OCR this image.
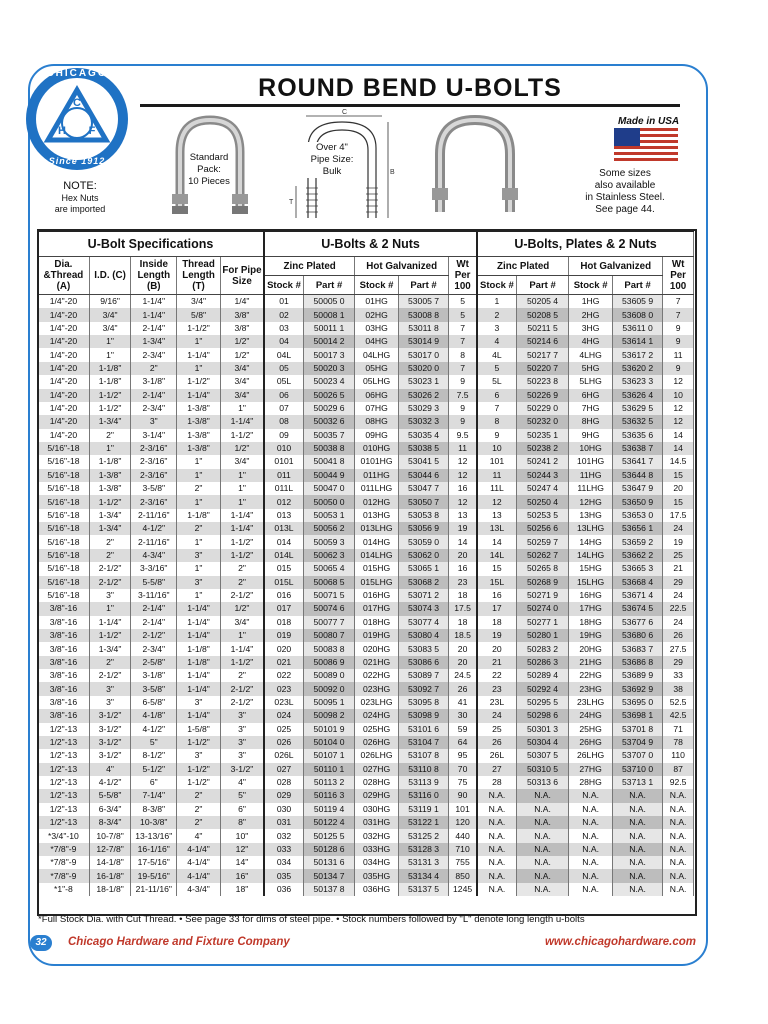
CHICAGO
Since 1912
C
H F
ROUND BEND U-BOLTS
Standard
Pack:
10 Pieces
C
B
T
Over 4"
Pipe Size:
Bulk
Made in USA
Some sizes
also available
in Stainless Steel.
See page 44.
NOTE:
Hex Nuts
are imported
U-Bolt Specifications					U-Bolts & 2 Nuts					U-Bolts, Plates & 2 Nuts				
Dia. &Thread (A)	I.D. (C)	Inside Length (B)	Thread Length (T)	For Pipe Size	Zinc Plated		Hot Galvanized		Wt Per 100	Zinc Plated		Hot Galvanized		Wt Per 100
					Stock #	Part #	Stock #	Part #		Stock #	Part #	Stock #	Part #	
1/4"-20	9/16"	1-1/4"	3/4"	1/4"	01	50005 0	01HG	53005 7	5	1	50205 4	1HG	53605 9	7
1/4"-20	3/4"	1-1/4"	5/8"	3/8"	02	50008 1	02HG	53008 8	5	2	50208 5	2HG	53608 0	7
1/4"-20	3/4"	2-1/4"	1-1/2"	3/8"	03	50011 1	03HG	53011 8	7	3	50211 5	3HG	53611 0	9
1/4"-20	1"	1-3/4"	1"	1/2"	04	50014 2	04HG	53014 9	7	4	50214 6	4HG	53614 1	9
1/4"-20	1"	2-3/4"	1-1/4"	1/2"	04L	50017 3	04LHG	53017 0	8	4L	50217 7	4LHG	53617 2	11
1/4"-20	1-1/8"	2"	1"	3/4"	05	50020 3	05HG	53020 0	7	5	50220 7	5HG	53620 2	9
1/4"-20	1-1/8"	3-1/8"	1-1/2"	3/4"	05L	50023 4	05LHG	53023 1	9	5L	50223 8	5LHG	53623 3	12
1/4"-20	1-1/2"	2-1/4"	1-1/4"	3/4"	06	50026 5	06HG	53026 2	7.5	6	50226 9	6HG	53626 4	10
1/4"-20	1-1/2"	2-3/4"	1-3/8"	1"	07	50029 6	07HG	53029 3	9	7	50229 0	7HG	53629 5	12
1/4"-20	1-3/4"	3"	1-3/8"	1-1/4"	08	50032 6	08HG	53032 3	9	8	50232 0	8HG	53632 5	12
1/4"-20	2"	3-1/4"	1-3/8"	1-1/2"	09	50035 7	09HG	53035 4	9.5	9	50235 1	9HG	53635 6	14
5/16"-18	1"	2-3/16"	1-3/8"	1/2"	010	50038 8	010HG	53038 5	11	10	50238 2	10HG	53638 7	14
5/16"-18	1-1/8"	2-3/16"	1"	3/4"	0101	50041 8	0101HG	53041 5	12	101	50241 2	101HG	53641 7	14.5
5/16"-18	1-3/8"	2-3/16"	1"	1"	011	50044 9	011HG	53044 6	12	11	50244 3	11HG	53644 8	15
5/16"-18	1-3/8"	3-5/8"	2"	1"	011L	50047 0	011LHG	53047 7	16	11L	50247 4	11LHG	53647 9	20
5/16"-18	1-1/2"	2-3/16"	1"	1"	012	50050 0	012HG	53050 7	12	12	50250 4	12HG	53650 9	15
5/16"-18	1-3/4"	2-11/16"	1-1/8"	1-1/4"	013	50053 1	013HG	53053 8	13	13	50253 5	13HG	53653 0	17.5
5/16"-18	1-3/4"	4-1/2"	2"	1-1/4"	013L	50056 2	013LHG	53056 9	19	13L	50256 6	13LHG	53656 1	24
5/16"-18	2"	2-11/16"	1"	1-1/2"	014	50059 3	014HG	53059 0	14	14	50259 7	14HG	53659 2	19
5/16"-18	2"	4-3/4"	3"	1-1/2"	014L	50062 3	014LHG	53062 0	20	14L	50262 7	14LHG	53662 2	25
5/16"-18	2-1/2"	3-3/16"	1"	2"	015	50065 4	015HG	53065 1	16	15	50265 8	15HG	53665 3	21
5/16"-18	2-1/2"	5-5/8"	3"	2"	015L	50068 5	015LHG	53068 2	23	15L	50268 9	15LHG	53668 4	29
5/16"-18	3"	3-11/16"	1"	2-1/2"	016	50071 5	016HG	53071 2	18	16	50271 9	16HG	53671 4	24
3/8"-16	1"	2-1/4"	1-1/4"	1/2"	017	50074 6	017HG	53074 3	17.5	17	50274 0	17HG	53674 5	22.5
3/8"-16	1-1/4"	2-1/4"	1-1/4"	3/4"	018	50077 7	018HG	53077 4	18	18	50277 1	18HG	53677 6	24
3/8"-16	1-1/2"	2-1/2"	1-1/4"	1"	019	50080 7	019HG	53080 4	18.5	19	50280 1	19HG	53680 6	26
3/8"-16	1-3/4"	2-3/4"	1-1/8"	1-1/4"	020	50083 8	020HG	53083 5	20	20	50283 2	20HG	53683 7	27.5
3/8"-16	2"	2-5/8"	1-1/8"	1-1/2"	021	50086 9	021HG	53086 6	20	21	50286 3	21HG	53686 8	29
3/8"-16	2-1/2"	3-1/8"	1-1/4"	2"	022	50089 0	022HG	53089 7	24.5	22	50289 4	22HG	53689 9	33
3/8"-16	3"	3-5/8"	1-1/4"	2-1/2"	023	50092 0	023HG	53092 7	26	23	50292 4	23HG	53692 9	38
3/8"-16	3"	6-5/8"	3"	2-1/2"	023L	50095 1	023LHG	53095 8	41	23L	50295 5	23LHG	53695 0	52.5
3/8"-16	3-1/2"	4-1/8"	1-1/4"	3"	024	50098 2	024HG	53098 9	30	24	50298 6	24HG	53698 1	42.5
1/2"-13	3-1/2"	4-1/2"	1-5/8"	3"	025	50101 9	025HG	53101 6	59	25	50301 3	25HG	53701 8	71
1/2"-13	3-1/2"	5"	1-1/2"	3"	026	50104 0	026HG	53104 7	64	26	50304 4	26HG	53704 9	78
1/2"-13	3-1/2"	8-1/2"	3"	3"	026L	50107 1	026LHG	53107 8	95	26L	50307 5	26LHG	53707 0	110
1/2"-13	4"	5-1/2"	1-1/2"	3-1/2"	027	50110 1	027HG	53110 8	70	27	50310 5	27HG	53710 0	87
1/2"-13	4-1/2"	6"	1-1/2"	4"	028	50113 2	028HG	53113 9	75	28	50313 6	28HG	53713 1	92.5
1/2"-13	5-5/8"	7-1/4"	2"	5"	029	50116 3	029HG	53116 0	90	N.A.	N.A.	N.A.	N.A.	N.A.
1/2"-13	6-3/4"	8-3/8"	2"	6"	030	50119 4	030HG	53119 1	101	N.A.	N.A.	N.A.	N.A.	N.A.
1/2"-13	8-3/4"	10-3/8"	2"	8"	031	50122 4	031HG	53122 1	120	N.A.	N.A.	N.A.	N.A.	N.A.
*3/4"-10	10-7/8"	13-13/16"	4"	10"	032	50125 5	032HG	53125 2	440	N.A.	N.A.	N.A.	N.A.	N.A.
*7/8"-9	12-7/8"	16-1/16"	4-1/4"	12"	033	50128 6	033HG	53128 3	710	N.A.	N.A.	N.A.	N.A.	N.A.
*7/8"-9	14-1/8"	17-5/16"	4-1/4"	14"	034	50131 6	034HG	53131 3	755	N.A.	N.A.	N.A.	N.A.	N.A.
*7/8"-9	16-1/8"	19-5/16"	4-1/4"	16"	035	50134 7	035HG	53134 4	850	N.A.	N.A.	N.A.	N.A.	N.A.
*1"-8	18-1/8"	21-11/16"	4-3/4"	18"	036	50137 8	036HG	53137 5	1245	N.A.	N.A.	N.A.	N.A.	N.A.
*Full Stock Dia. with Cut Thread. • See page 33 for dims of steel pipe. • Stock numbers followed by "L" denote long length u-bolts
32	Chicago Hardware and Fixture Company	www.chicagohardware.com
